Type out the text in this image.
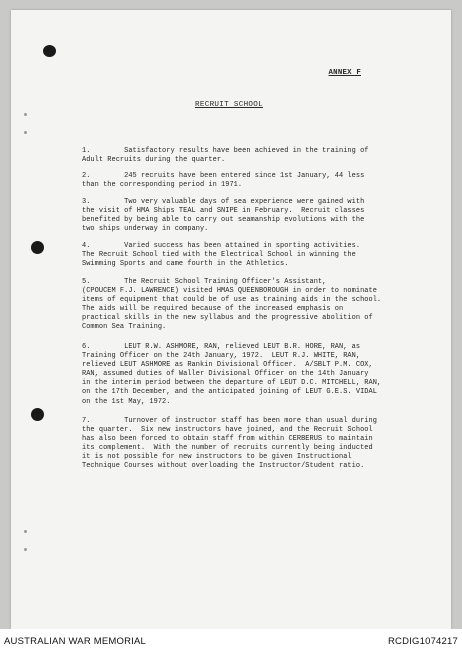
ANNEX F
RECRUIT SCHOOL
1.        Satisfactory results have been achieved in the training of
Adult Recruits during the quarter.
2.        245 recruits have been entered since 1st January, 44 less
than the corresponding period in 1971.
3.        Two very valuable days of sea experience were gained with
the visit of HMA Ships TEAL and SNIPE in February.  Recruit classes
benefited by being able to carry out seamanship evolutions with the
two ships underway in company.
4.        Varied success has been attained in sporting activities.
The Recruit School tied with the Electrical School in winning the
Swimming Sports and came fourth in the Athletics.
5.        The Recruit School Training Officer's Assistant,
(CPOUCEM F.J. LAWRENCE) visited HMAS QUEENBOROUGH in order to nominate
items of equipment that could be of use as training aids in the school.
The aids will be required because of the increased emphasis on
practical skills in the new syllabus and the progressive abolition of
Common Sea Training.
6.        LEUT R.W. ASHMORE, RAN, relieved LEUT B.R. HORE, RAN, as
Training Officer on the 24th January, 1972.  LEUT R.J. WHITE, RAN,
relieved LEUT ASHMORE as Rankin Divisional Officer.  A/SBLT P.M. COX,
RAN, assumed duties of Waller Divisional Officer on the 14th January
in the interim period between the departure of LEUT D.C. MITCHELL, RAN,
on the 17th December, and the anticipated joining of LEUT G.E.S. VIDAL
on the 1st May, 1972.
7.        Turnover of instructor staff has been more than usual during
the quarter.  Six new instructors have joined, and the Recruit School
has also been forced to obtain staff from within CERBERUS to maintain
its complement.  With the number of recruits currently being inducted
it is not possible for new instructors to be given Instructional
Technique Courses without overloading the Instructor/Student ratio.
AUSTRALIAN WAR MEMORIAL	RCDIG1074217
